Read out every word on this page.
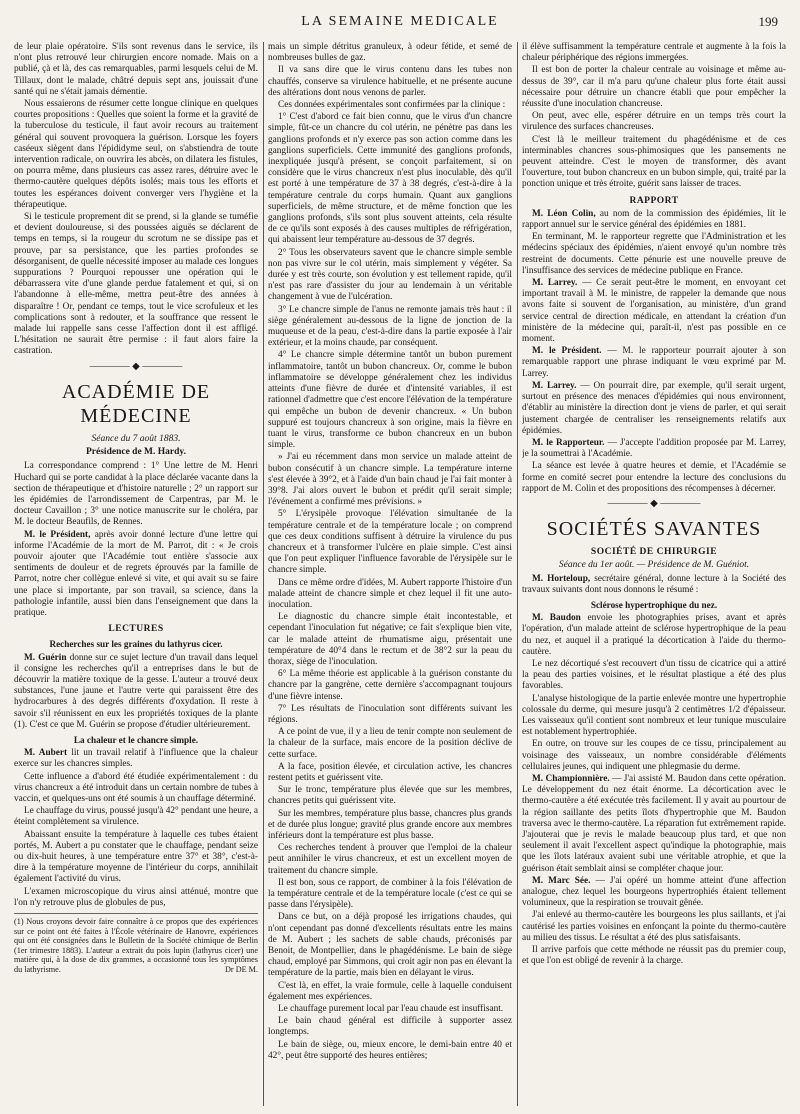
LA SEMAINE MEDICALE	199

de leur plaie opératoire. S'ils sont revenus dans le service, ils n'ont plus retrouvé leur chirurgien encore nomade. Mais on a publié, çà et là, des cas remarquables, parmi lesquels celui de M. Tillaux, dont le malade, châtré depuis sept ans, jouissait d'une santé qui ne s'était jamais démentie.

Nous essaierons de résumer cette longue clinique en quelques courtes propositions : Quelles que soient la forme et la gravité de la tuberculose du testicule, il faut avoir recours au traitement général qui souvent provoquera la guérison. Lorsque les foyers caséeux siègent dans l'épididyme seul, on s'abstiendra de toute intervention radicale, on ouvrira les abcès, on dilatera les fistules, on pourra même, dans plusieurs cas assez rares, détruire avec le thermo-cautère quelques dépôts isolés; mais tous les efforts et toutes les espérances doivent converger vers l'hygiène et la thérapeutique.

Si le testicule proprement dit se prend, si la glande se tuméfie et devient douloureuse, si des poussées aiguës se déclarent de temps en temps, si la rougeur du scrotum ne se dissipe pas et prouve, par sa persistance, que les parties profondes se désorganisent, de quelle nécessité imposer au malade ces longues suppurations ? Pourquoi repousser une opération qui le débarrassera vite d'une glande perdue fatalement et qui, si on l'abandonne à elle-même, mettra peut-être des années à disparaître ! Or, pendant ce temps, tout le vice scrofuleux et les complications sont à redouter, et la souffrance que ressent le malade lui rappelle sans cesse l'affection dont il est affligé. L'hésitation ne saurait être permise : il faut alors faire la castration.

———— ◆ ————
ACADÉMIE DE MÉDECINE
Séance du 7 août 1883.
Présidence de M. Hardy.

La correspondance comprend : 1° Une lettre de M. Henri Huchard qui se porte candidat à la place déclarée vacante dans la section de thérapeutique et d'histoire naturelle ; 2° un rapport sur les épidémies de l'arrondissement de Carpentras, par M. le docteur Cavaillon ; 3° une notice manuscrite sur le choléra, par M. le docteur Beaufils, de Rennes.

M. le Président, après avoir donné lecture d'une lettre qui informe l'Académie de la mort de M. Parrot, dit : « Je crois pouvoir ajouter que l'Académie tout entière s'associe aux sentiments de douleur et de regrets éprouvés par la famille de Parrot, notre cher collègue enlevé si vite, et qui avait su se faire une place si importante, par son travail, sa science, dans la pathologie infantile, aussi bien dans l'enseignement que dans la pratique.

LECTURES
Recherches sur les graines du lathyrus cicer.

M. Guérin donne sur ce sujet lecture d'un travail dans lequel il consigne les recherches qu'il a entreprises dans le but de découvrir la matière toxique de la gesse. L'auteur a trouvé deux substances, l'une jaune et l'autre verte qui paraissent être des hydrocarbures à des degrés différents d'oxydation. Il reste à savoir s'il réunissent en eux les propriétés toxiques de la plante (1). C'est ce que M. Guérin se propose d'étudier ultérieurement.

La chaleur et le chancre simple.

M. Aubert lit un travail relatif à l'influence que la chaleur exerce sur les chancres simples.

Cette influence a d'abord été étudiée expérimentalement : du virus chancreux a été introduit dans un certain nombre de tubes à vaccin, et quelques-uns ont été soumis à un chauffage déterminé.

Le chauffage du virus, poussé jusqu'à 42° pendant une heure, a éteint complètement sa virulence.

Abaissant ensuite la température à laquelle ces tubes étaient portés, M. Aubert a pu constater que le chauffage, pendant seize ou dix-huit heures, à une température entre 37° et 38°, c'est-à-dire à la température moyenne de l'intérieur du corps, annihilait également l'activité du virus.

L'examen microscopique du virus ainsi atténué, montre que l'on n'y retrouve plus de globules de pus,

(1) Nous croyons devoir faire connaître à ce propos que des expériences sur ce point ont été faites à l'École vétérinaire de Hanovre, expériences qui ont été consignées dans le Bulletin de la Société chimique de Berlin (1er trimestre 1883). L'auteur a extrait du pois lupin (lathyrus cicer) une matière qui, à la dose de dix grammes, a occasionné tous les symptômes du lathyrisme.	Dr DE M.

mais un simple détritus granuleux, à odeur fétide, et semé de nombreuses bulles de gaz.

Il va sans dire que le virus contenu dans les tubes non chauffés, conserve sa virulence habituelle, et ne présente aucune des altérations dont nous venons de parler.

Ces données expérimentales sont confirmées par la clinique :

1° C'est d'abord ce fait bien connu, que le virus d'un chancre simple, fût-ce un chancre du col utérin, ne pénètre pas dans les ganglions profonds et n'y exerce pas son action comme dans les ganglions superficiels. Cette immunité des ganglions profonds, inexpliquée jusqu'à présent, se conçoit parfaitement, si on considère que le virus chancreux n'est plus inoculable, dès qu'il est porté à une température de 37 à 38 degrés, c'est-à-dire à la température centrale du corps humain. Quant aux ganglions superficiels, de même structure, et de même fonction que les ganglions profonds, s'ils sont plus souvent atteints, cela résulte de ce qu'ils sont exposés à des causes multiples de réfrigération, qui abaissent leur température au-dessous de 37 degrés.

2° Tous les observateurs savent que le chancre simple semble non pas vivre sur le col utérin, mais simplement y végéter. Sa durée y est très courte, son évolution y est tellement rapide, qu'il n'est pas rare d'assister du jour au lendemain à un véritable changement à vue de l'ulcération.

3° Le chancre simple de l'anus ne remonte jamais très haut : il siège généralement au-dessous de la ligne de jonction de la muqueuse et de la peau, c'est-à-dire dans la partie exposée à l'air extérieur, et la moins chaude, par conséquent.

4° Le chancre simple détermine tantôt un bubon purement inflammatoire, tantôt un bubon chancreux. Or, comme le bubon inflammatoire se développe généralement chez les individus atteints d'une fièvre de durée et d'intensité variables, il est rationnel d'admettre que c'est encore l'élévation de la température qui empêche un bubon de devenir chancreux. « Un bubon suppuré est toujours chancreux à son origine, mais la fièvre en tuant le virus, transforme ce bubon chancreux en un bubon simple.

» J'ai eu récemment dans mon service un malade atteint de bubon consécutif à un chancre simple. La température interne s'est élevée à 39°2, et à l'aide d'un bain chaud je l'ai fait monter à 39°8. J'ai alors ouvert le bubon et prédit qu'il serait simple; l'événement a confirmé mes prévisions. »

5° L'érysipèle provoque l'élévation simultanée de la température centrale et de la température locale ; on comprend que ces deux conditions suffisent à détruire la virulence du pus chancreux et à transformer l'ulcère en plaie simple. C'est ainsi que l'on peut expliquer l'influence favorable de l'érysipèle sur le chancre simple.

Dans ce même ordre d'idées, M. Aubert rapporte l'histoire d'un malade atteint de chancre simple et chez lequel il fit une auto-inoculation.

Le diagnostic du chancre simple était incontestable, et cependant l'inoculation fut négative; ce fait s'explique bien vite, car le malade atteint de rhumatisme aigu, présentait une température de 40°4 dans le rectum et de 38°2 sur la peau du thorax, siège de l'inoculation.

6° La même théorie est applicable à la guérison constante du chancre par la gangrène, cette dernière s'accompagnant toujours d'une fièvre intense.

7° Les résultats de l'inoculation sont différents suivant les régions.

A ce point de vue, il y a lieu de tenir compte non seulement de la chaleur de la surface, mais encore de la position déclive de cette surface.

A la face, position élevée, et circulation active, les chancres restent petits et guérissent vite.

Sur le tronc, température plus élevée que sur les membres, chancres petits qui guérissent vite.

Sur les membres, température plus basse, chancres plus grands et de durée plus longue; gravité plus grande encore aux membres inférieurs dont la température est plus basse.

Ces recherches tendent à prouver que l'emploi de la chaleur peut annihiler le virus chancreux, et est un excellent moyen de traitement du chancre simple.

Il est bon, sous ce rapport, de combiner à la fois l'élévation de la température centrale et de la température locale (c'est ce qui se passe dans l'érysipèle).

Dans ce but, on a déjà proposé les irrigations chaudes, qui n'ont cependant pas donné d'excellents résultats entre les mains de M. Aubert ; les sachets de sable chauds, préconisés par Benoit, de Montpellier, dans le phagédénisme. Le bain de siège chaud, employé par Simmons, qui croit agir non pas en élevant la température de la partie, mais bien en délayant le virus.

C'est là, en effet, la vraie formule, celle à laquelle conduisent également mes expériences.

Le chauffage purement local par l'eau chaude est insuffisant.

Le bain chaud général est difficile à supporter assez longtemps.

Le bain de siège, ou, mieux encore, le demi-bain entre 40 et 42°, peut être supporté des heures entières;

il élève suffisamment la température centrale et augmente à la fois la chaleur périphérique des régions immergées.

Il est bon de porter la chaleur centrale au voisinage et même au-dessus de 39°, car il m'a paru qu'une chaleur plus forte était aussi nécessaire pour détruire un chancre établi que pour empêcher la réussite d'une inoculation chancreuse.

On peut, avec elle, espérer détruire en un temps très court la virulence des surfaces chancreuses.

C'est là le meilleur traitement du phagédénisme et de ces interminables chancres sous-phimosiques que les pansements ne peuvent atteindre. C'est le moyen de transformer, dès avant l'ouverture, tout bubon chancreux en un bubon simple, qui, traité par la ponction unique et très étroite, guérit sans laisser de traces.

RAPPORT

M. Léon Colin, au nom de la commission des épidémies, lit le rapport annuel sur le service général des épidémies en 1881.

En terminant, M. le rapporteur regrette que l'Administration et les médecins spéciaux des épidémies, n'aient envoyé qu'un nombre très restreint de documents. Cette pénurie est une nouvelle preuve de l'insuffisance des services de médecine publique en France.

M. Larrey. — Ce serait peut-être le moment, en envoyant cet important travail à M. le ministre, de rappeler la demande que nous avons faite si souvent de l'organisation, au ministère, d'un grand service central de direction médicale, en attendant la création d'un ministère de la médecine qui, paraît-il, n'est pas possible en ce moment.

M. le Président. — M. le rapporteur pourrait ajouter à son remarquable rapport une phrase indiquant le vœu exprimé par M. Larrey.

M. Larrey. — On pourrait dire, par exemple, qu'il serait urgent, surtout en présence des menaces d'épidémies qui nous environnent, d'établir au ministère la direction dont je viens de parler, et qui serait justement chargée de centraliser les renseignements relatifs aux épidémies.

M. le Rapporteur. — J'accepte l'addition proposée par M. Larrey, je la soumettrai à l'Académie.

La séance est levée à quatre heures et demie, et l'Académie se forme en comité secret pour entendre la lecture des conclusions du rapport de M. Colin et des propositions des récompenses à décerner.

———— ◆ ————
SOCIÉTÉS SAVANTES
SOCIÉTÉ DE CHIRURGIE
Séance du 1er août. — Présidence de M. Guéniot.

M. Horteloup, secrétaire général, donne lecture à la Société des travaux suivants dont nous donnons le résumé :

Sclérose hypertrophique du nez.

M. Baudon envoie les photographies prises, avant et après l'opération, d'un malade atteint de sclérose hypertrophique de la peau du nez, et auquel il a pratiqué la décortication à l'aide du thermo-cautère.

Le nez décortiqué s'est recouvert d'un tissu de cicatrice qui a attiré la peau des parties voisines, et le résultat plastique a été des plus favorables.

L'analyse histologique de la partie enlevée montre une hypertrophie colossale du derme, qui mesure jusqu'à 2 centimètres 1/2 d'épaisseur. Les vaisseaux qu'il contient sont nombreux et leur tunique musculaire est notablement hypertrophiée.

En outre, on trouve sur les coupes de ce tissu, principalement au voisinage des vaisseaux, un nombre considérable d'éléments cellulaires jeunes, qui indiquent une phlegmasie du derme.

M. Championnière. — J'ai assisté M. Baudon dans cette opération. Le développement du nez était énorme. La décortication avec le thermo-cautère a été exécutée très facilement. Il y avait au pourtour de la région saillante des petits îlots d'hypertrophie que M. Baudon traversa avec le thermo-cautère. La réparation fut extrêmement rapide. J'ajouterai que je revis le malade beaucoup plus tard, et que non seulement il avait l'excellent aspect qu'indique la photographie, mais que les îlots latéraux avaient subi une véritable atrophie, et que la guérison était semblait ainsi se compléter chaque jour.

M. Marc Sée. — J'ai opéré un homme atteint d'une affection analogue, chez lequel les bourgeons hypertrophiés étaient tellement volumineux, que la respiration se trouvait gênée.

J'ai enlevé au thermo-cautère les bourgeons les plus saillants, et j'ai cautérisé les parties voisines en enfonçant la pointe du thermo-cautère au milieu des tissus. Le résultat a été des plus satisfaisants.

Il arrive parfois que cette méthode ne réussit pas du premier coup, et que l'on est obligé de revenir à la charge.
